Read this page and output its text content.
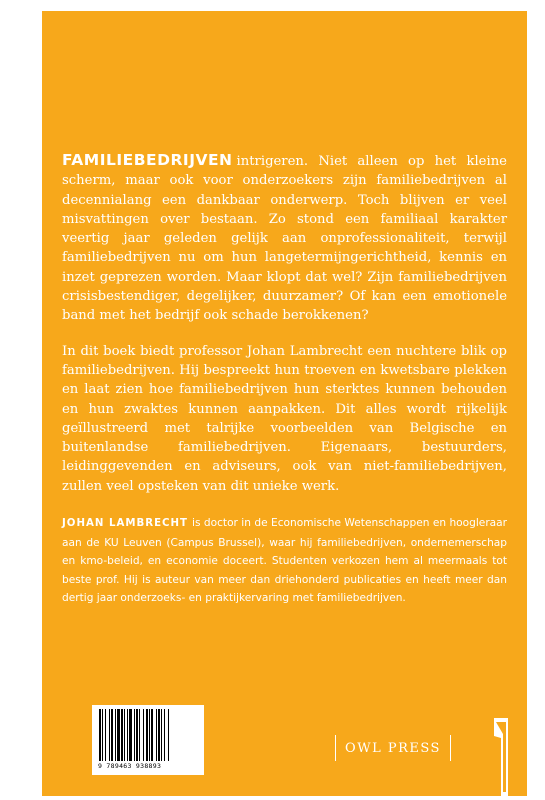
FAMILIEBEDRIJVEN intrigeren. Niet alleen op het kleine scherm, maar ook voor onderzoekers zijn familiebedrijven al decennialang een dankbaar onderwerp. Toch blijven er veel misvattingen over bestaan. Zo stond een familiaal karakter veertig jaar geleden gelijk aan onprofessionaliteit, terwijl familiebedrijven nu om hun langetermijngerichtheid, kennis en inzet geprezen worden. Maar klopt dat wel? Zijn familiebedrijven crisisbestendiger, degelijker, duurzamer? Of kan een emotionele band met het bedrijf ook schade berokkenen?

In dit boek biedt professor Johan Lambrecht een nuchtere blik op familiebedrijven. Hij bespreekt hun troeven en kwetsbare plekken en laat zien hoe familiebedrijven hun sterktes kunnen behouden en hun zwaktes kunnen aanpakken. Dit alles wordt rijkelijk geïllustreerd met talrijke voorbeelden van Belgische en buitenlandse familiebedrijven. Eigenaars, bestuurders, leidinggevenden en adviseurs, ook van niet-familiebedrijven, zullen veel opsteken van dit unieke werk.

JOHAN LAMBRECHT is doctor in de Economische Wetenschappen en hoogleraar aan de KU Leuven (Campus Brussel), waar hij familiebedrijven, ondernemerschap en kmo-beleid, en economie doceert. Studenten verkozen hem al meermaals tot beste prof. Hij is auteur van meer dan driehonderd publicaties en heeft meer dan dertig jaar onderzoeks- en praktijkervaring met familiebedrijven.

9 789463 938893
OWL PRESS
